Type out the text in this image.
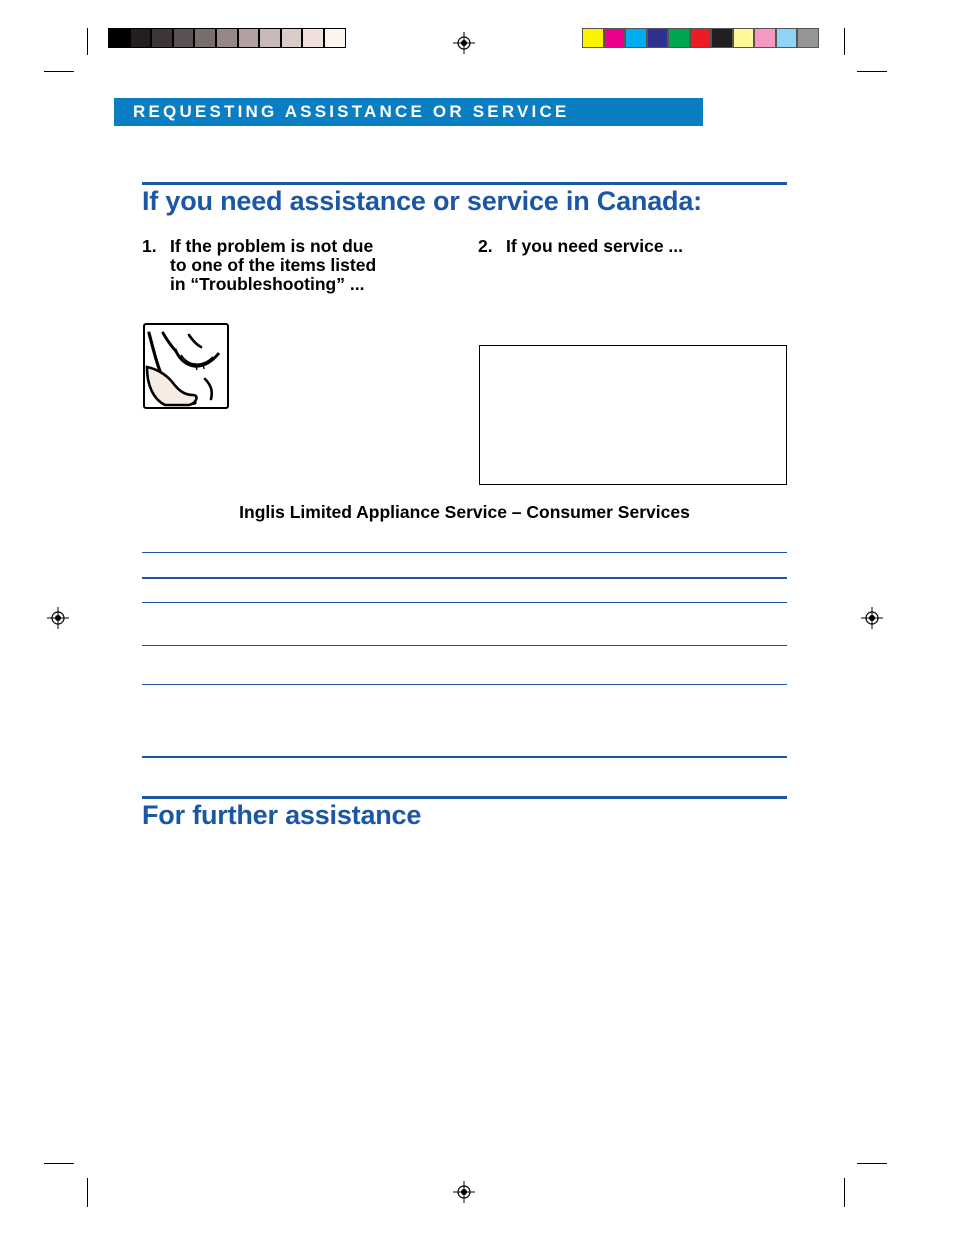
REQUESTING ASSISTANCE OR SERVICE
If you need assistance or service in Canada:
1. If the problem is not due
to one of the items listed
in “Troubleshooting” ...
2. If you need service ...
Inglis Limited Appliance Service – Consumer Services
For further assistance
